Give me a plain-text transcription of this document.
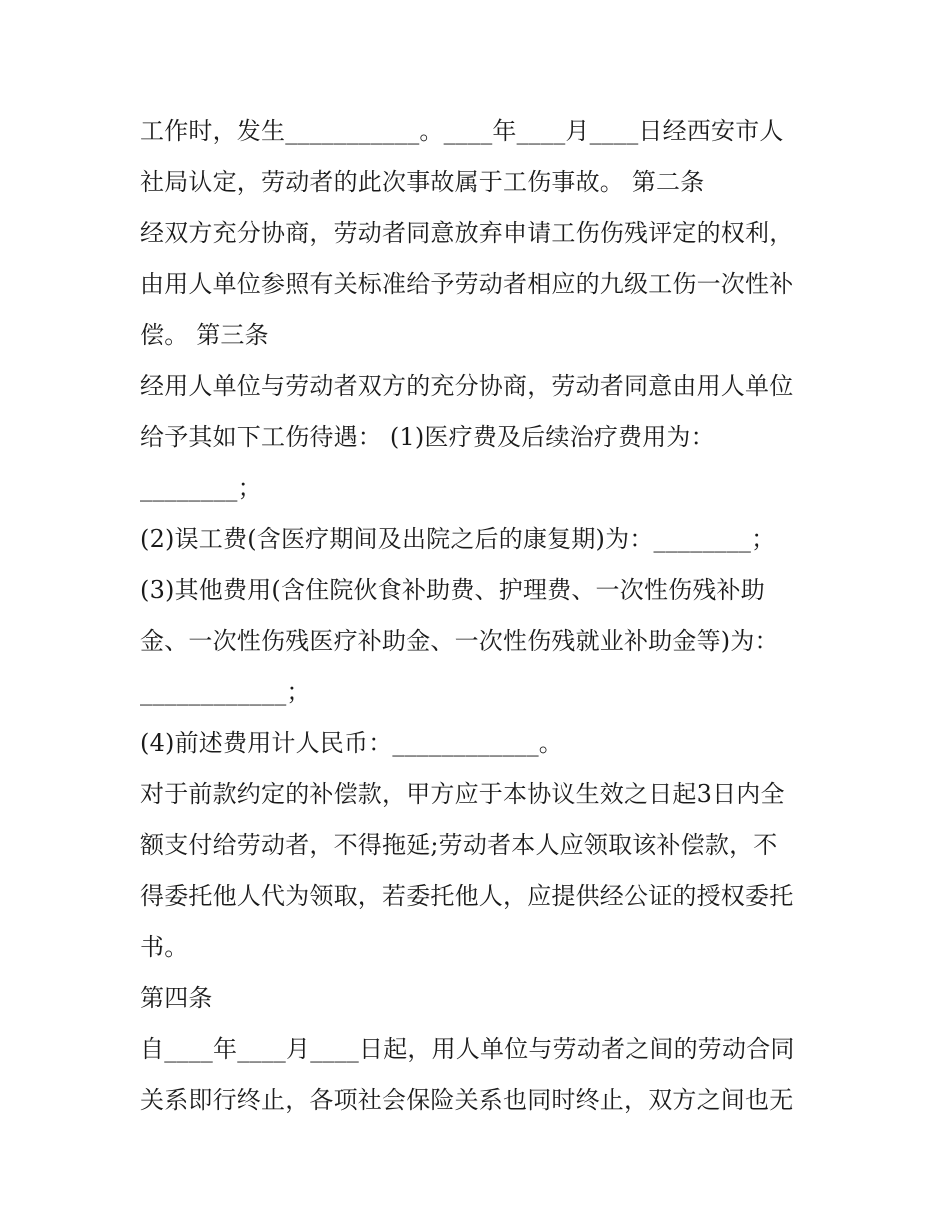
工作时，发生___________。____年____月____日经西安市人
社局认定，劳动者的此次事故属于工伤事故。 第二条
经双方充分协商，劳动者同意放弃申请工伤伤残评定的权利，
由用人单位参照有关标准给予劳动者相应的九级工伤一次性补
偿。 第三条
经用人单位与劳动者双方的充分协商，劳动者同意由用人单位
给予其如下工伤待遇： (1)医疗费及后续治疗费用为：
________；
(2)误工费(含医疗期间及出院之后的康复期)为：________；
(3)其他费用(含住院伙食补助费、护理费、一次性伤残补助
金、一次性伤残医疗补助金、一次性伤残就业补助金等)为：
____________；
(4)前述费用计人民币：____________。
对于前款约定的补偿款，甲方应于本协议生效之日起3日内全
额支付给劳动者，不得拖延;劳动者本人应领取该补偿款，不
得委托他人代为领取，若委托他人，应提供经公证的授权委托
书。
第四条
自____年____月____日起，用人单位与劳动者之间的劳动合同
关系即行终止，各项社会保险关系也同时终止，双方之间也无
